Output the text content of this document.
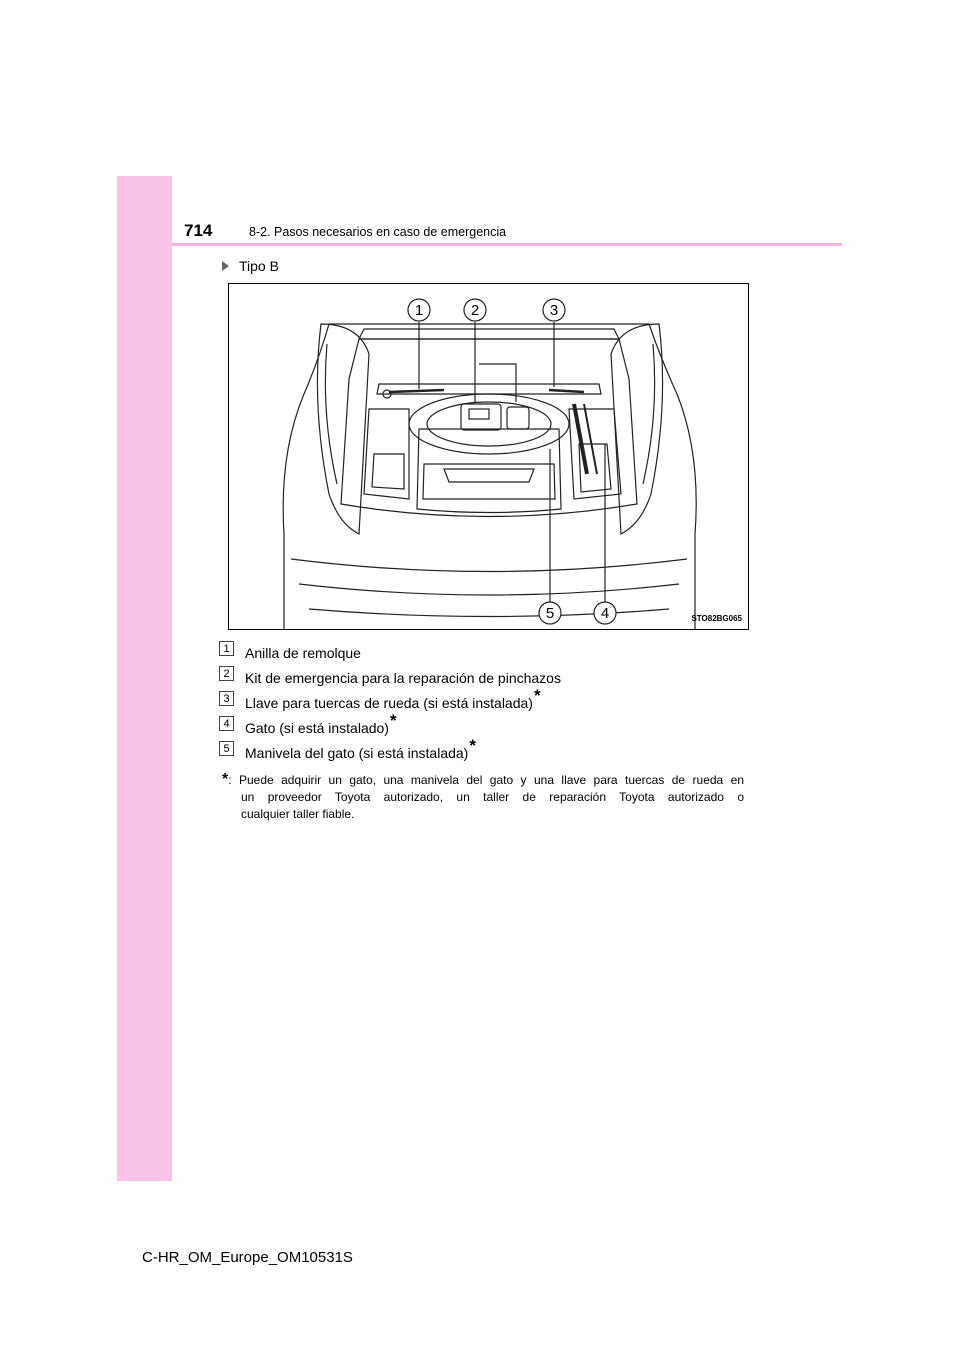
714	8-2. Pasos necesarios en caso de emergencia
Tipo B
1	2	3
5	4	STO82BG065
1	Anilla de remolque
2	Kit de emergencia para la reparación de pinchazos
3	Llave para tuercas de rueda (si está instalada) *
4	Gato (si está instalado) *
5	Manivela del gato (si está instalada) *
*: Puede adquirir un gato, una manivela del gato y una llave para tuercas de rueda en
un proveedor Toyota autorizado, un taller de reparación Toyota autorizado o
cualquier taller fiable.
C-HR_OM_Europe_OM10531S
